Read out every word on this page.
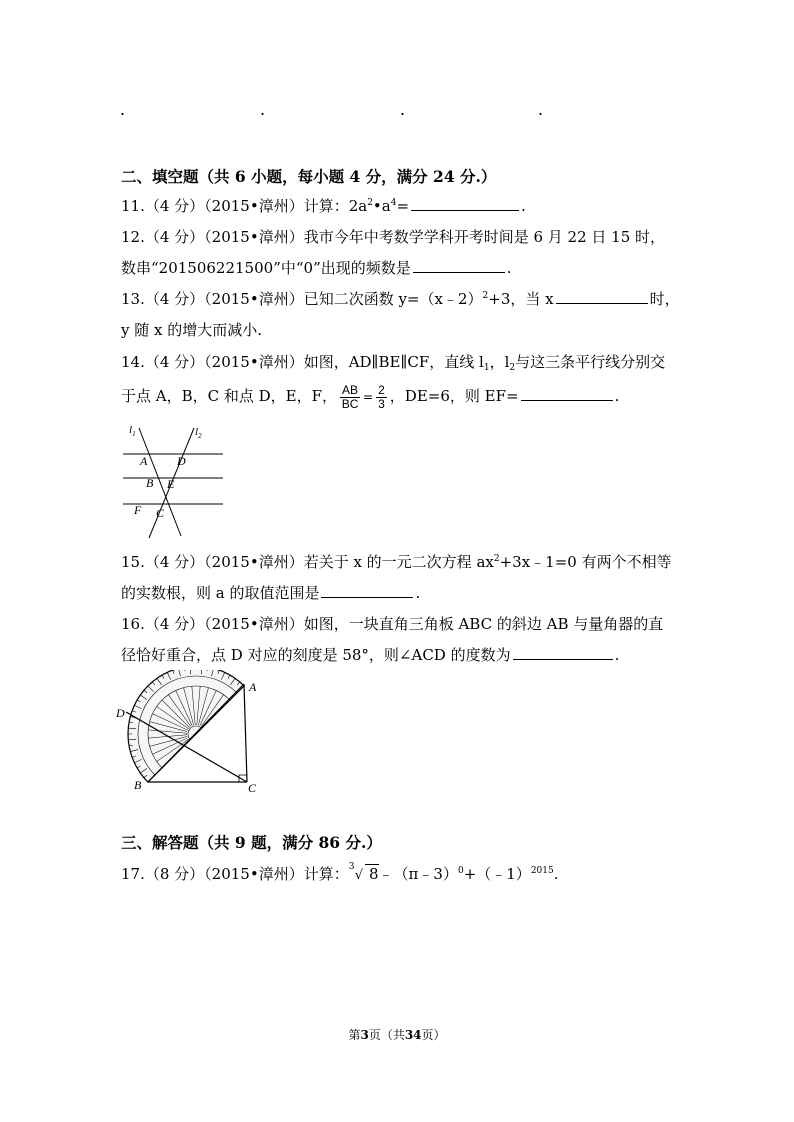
.	.	.	.
二、填空题（共 6 小题，每小题 4 分，满分 24 分.）
11.（4 分）（2015•漳州）计算：$2a^2•a^4=$	.
12.（4 分）（2015•漳州）我市今年中考数学学科开考时间是 6 月 22 日 15 时，
数串“201506221500”中“0”出现的频数是	.
13.（4 分）（2015•漳州）已知二次函数 y=（x﹣2）$^2$+3，当 x	时，
y 随 x 的增大而减小.
14.（4 分）（2015•漳州）如图，AD∥BE∥CF，直线 $l_1$，$l_2$与这三条平行线分别交
于点 A，B，C 和点 D，E，F， $\frac{AB}{BC} = \frac{2}{3}$ ，DE=6，则 EF=	.
$l_1$	$l_2$
A D
B E
F C
15.（4 分）（2015•漳州）若关于 x 的一元二次方程 $ax^2+3x﹣1=0$ 有两个不相等
的实数根，则 a 的取值范围是	.
16.（4 分）（2015•漳州）如图，一块直角三角板 ABC 的斜边 AB 与量角器的直
径恰好重合，点 D 对应的刻度是 58°，则∠ACD 的度数为	.
A
D
B	C
三、解答题（共 9 题，满分 86 分.）
17.（8 分）（2015•漳州）计算： 3
√ 8﹣（π﹣3）$^0$+（﹣1）$^{2015}$.
第3页（共34页）
